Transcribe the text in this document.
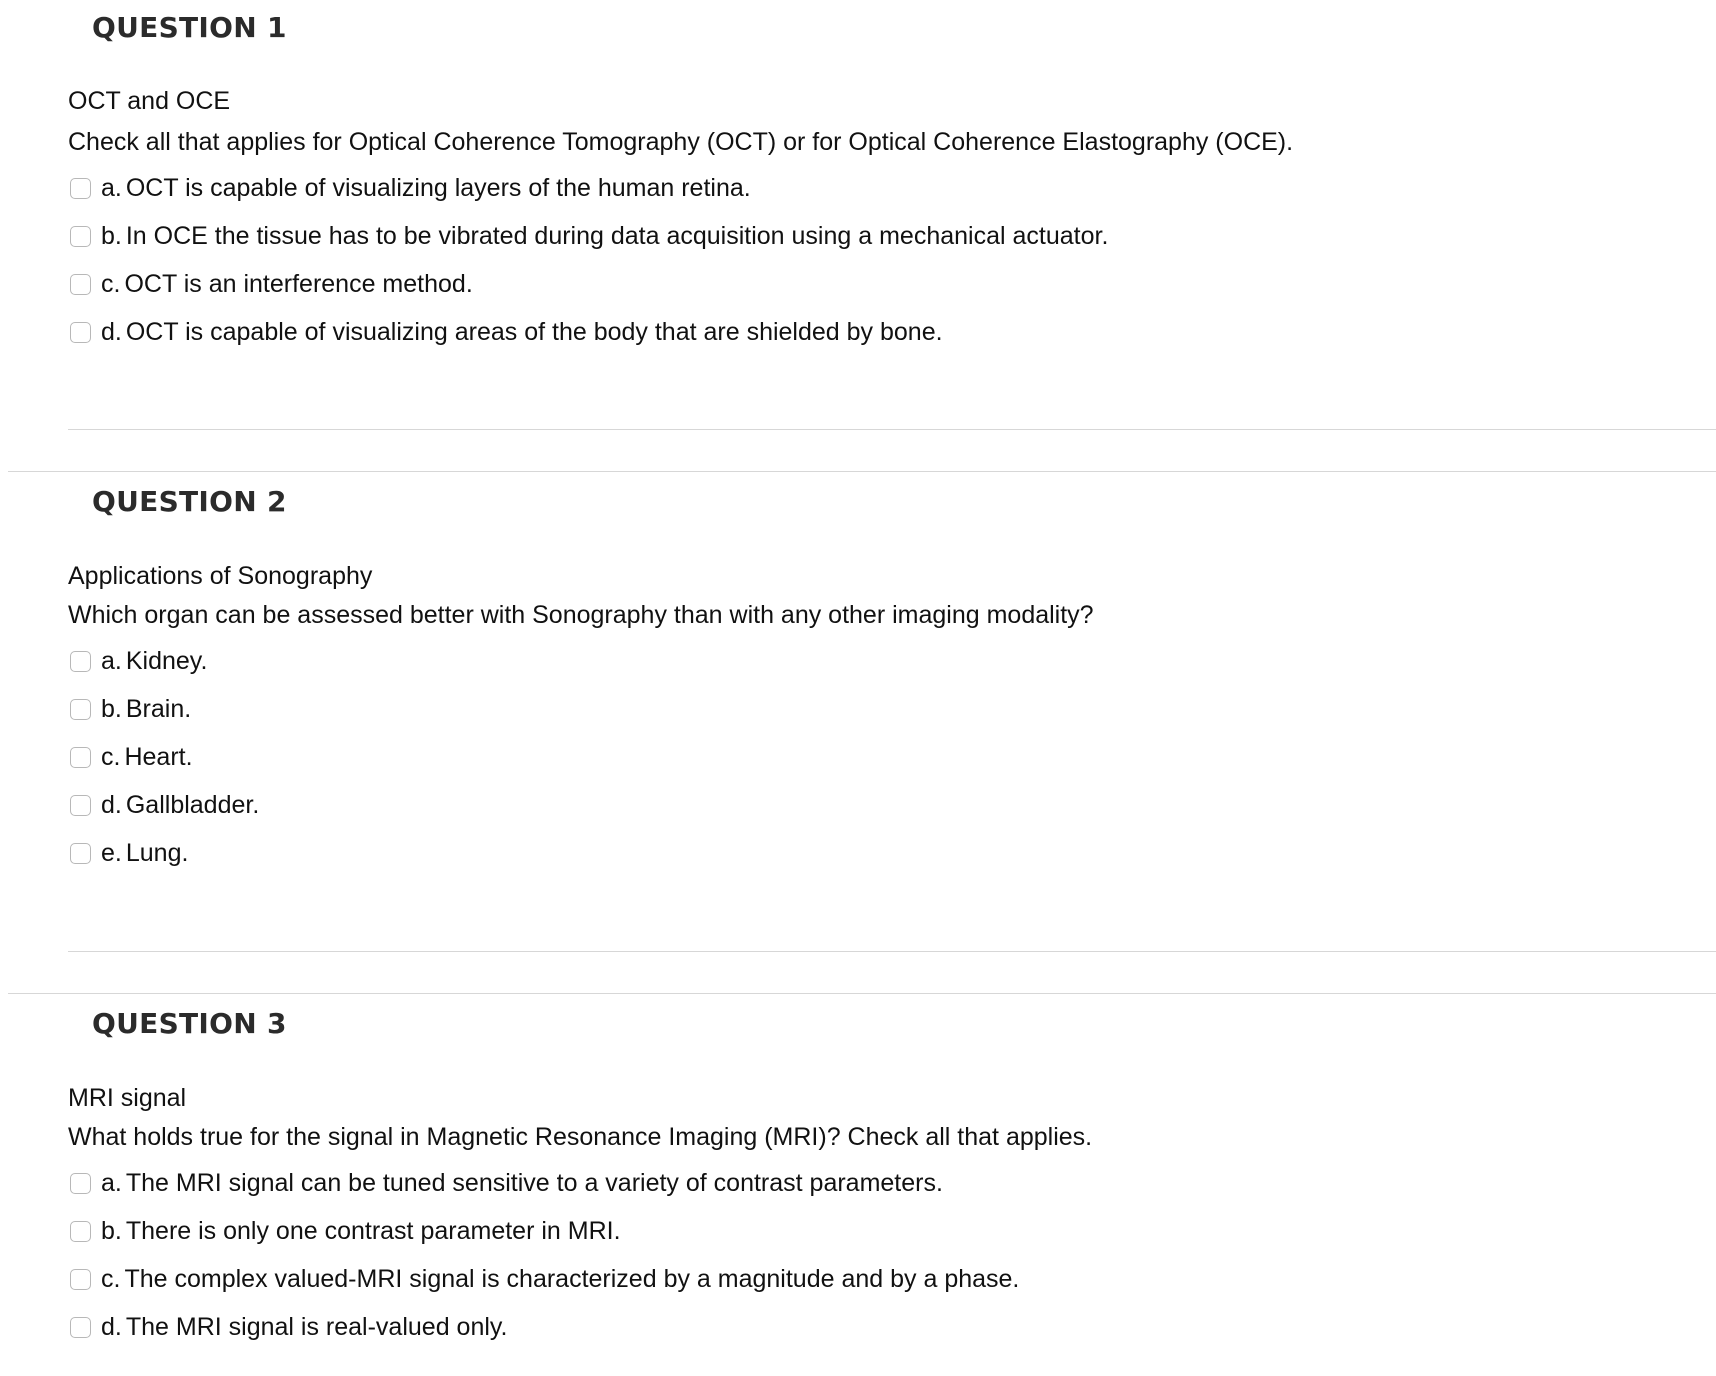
QUESTION 1

OCT and OCE

Check all that applies for Optical Coherence Tomography (OCT) or for Optical Coherence Elastography (OCE).

a. OCT is capable of visualizing layers of the human retina.
b. In OCE the tissue has to be vibrated during data acquisition using a mechanical actuator.
c. OCT is an interference method.
d. OCT is capable of visualizing areas of the body that are shielded by bone.
QUESTION 2

Applications of Sonography

Which organ can be assessed better with Sonography than with any other imaging modality?

a. Kidney.
b. Brain.
c. Heart.
d. Gallbladder.
e. Lung.
QUESTION 3

MRI signal

What holds true for the signal in Magnetic Resonance Imaging (MRI)? Check all that applies.

a. The MRI signal can be tuned sensitive to a variety of contrast parameters.
b. There is only one contrast parameter in MRI.
c. The complex valued-MRI signal is characterized by a magnitude and by a phase.
d. The MRI signal is real-valued only.
